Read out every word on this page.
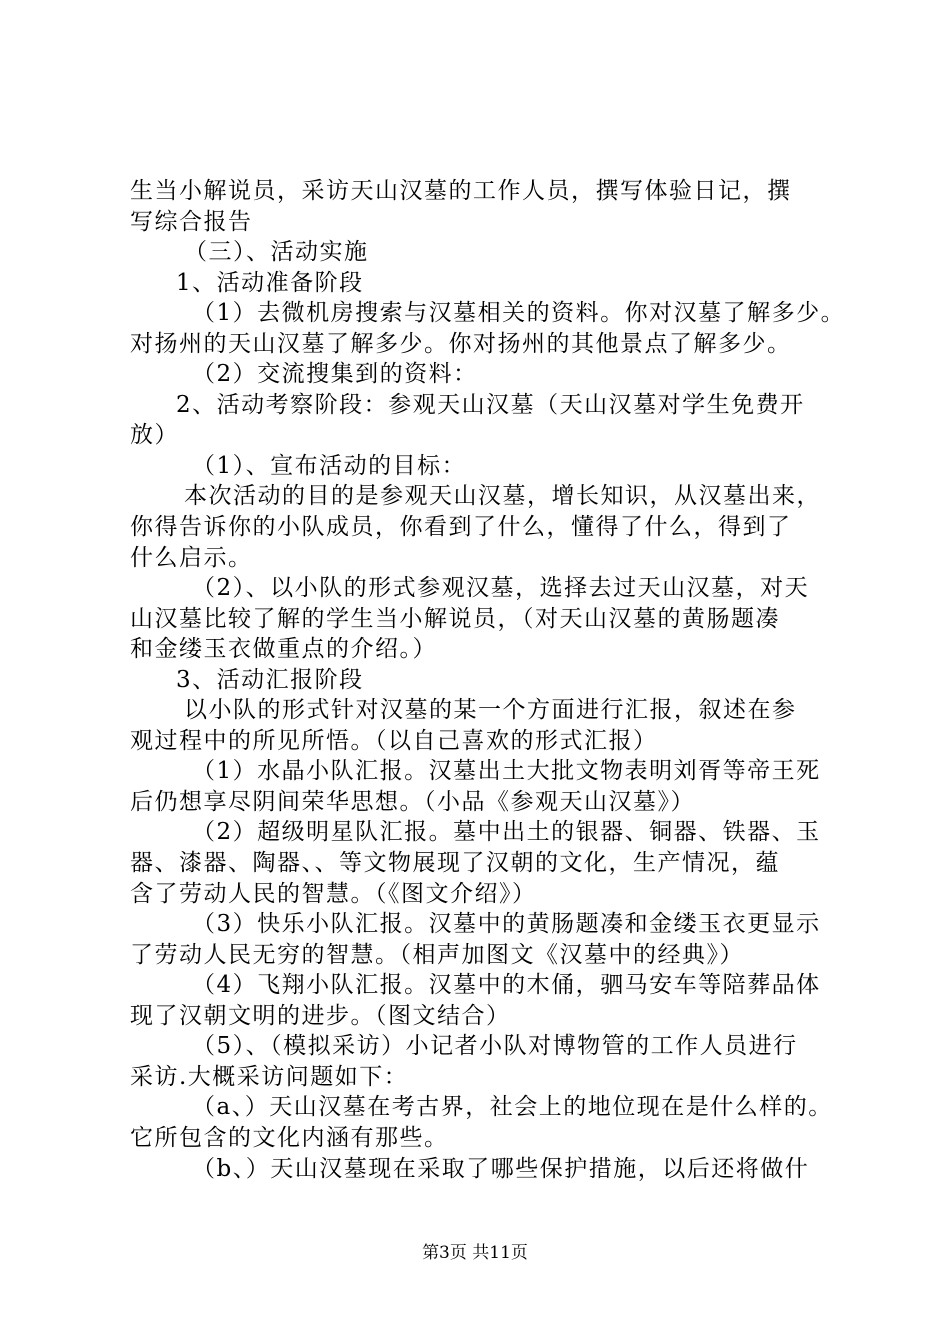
生当小解说员，采访天山汉墓的工作人员，撰写体验日记，撰
写综合报告
（三）、活动实施
1、活动准备阶段
（1）去微机房搜索与汉墓相关的资料。你对汉墓了解多少。
对扬州的天山汉墓了解多少。你对扬州的其他景点了解多少。
（2）交流搜集到的资料：
2、活动考察阶段：参观天山汉墓（天山汉墓对学生免费开
放）
（1）、宣布活动的目标：
本次活动的目的是参观天山汉墓，增长知识，从汉墓出来，
你得告诉你的小队成员，你看到了什么，懂得了什么，得到了
什么启示。
（2）、以小队的形式参观汉墓，选择去过天山汉墓，对天
山汉墓比较了解的学生当小解说员，（对天山汉墓的黄肠题凑
和金缕玉衣做重点的介绍。）
3、活动汇报阶段
以小队的形式针对汉墓的某一个方面进行汇报，叙述在参
观过程中的所见所悟。（以自己喜欢的形式汇报）
（1）水晶小队汇报。汉墓出土大批文物表明刘胥等帝王死
后仍想享尽阴间荣华思想。（小品《参观天山汉墓》）
（2）超级明星队汇报。墓中出土的银器、铜器、铁器、玉
器、漆器、陶器、、等文物展现了汉朝的文化，生产情况，蕴
含了劳动人民的智慧。（《图文介绍》）
（3）快乐小队汇报。汉墓中的黄肠题凑和金缕玉衣更显示
了劳动人民无穷的智慧。（相声加图文《汉墓中的经典》）
（4）飞翔小队汇报。汉墓中的木俑，驷马安车等陪葬品体
现了汉朝文明的进步。（图文结合）
（5）、（模拟采访）小记者小队对博物管的工作人员进行
采访.大概采访问题如下：
（a、）天山汉墓在考古界，社会上的地位现在是什么样的。
它所包含的文化内涵有那些。
（b、）天山汉墓现在采取了哪些保护措施，以后还将做什
第3页 共11页
